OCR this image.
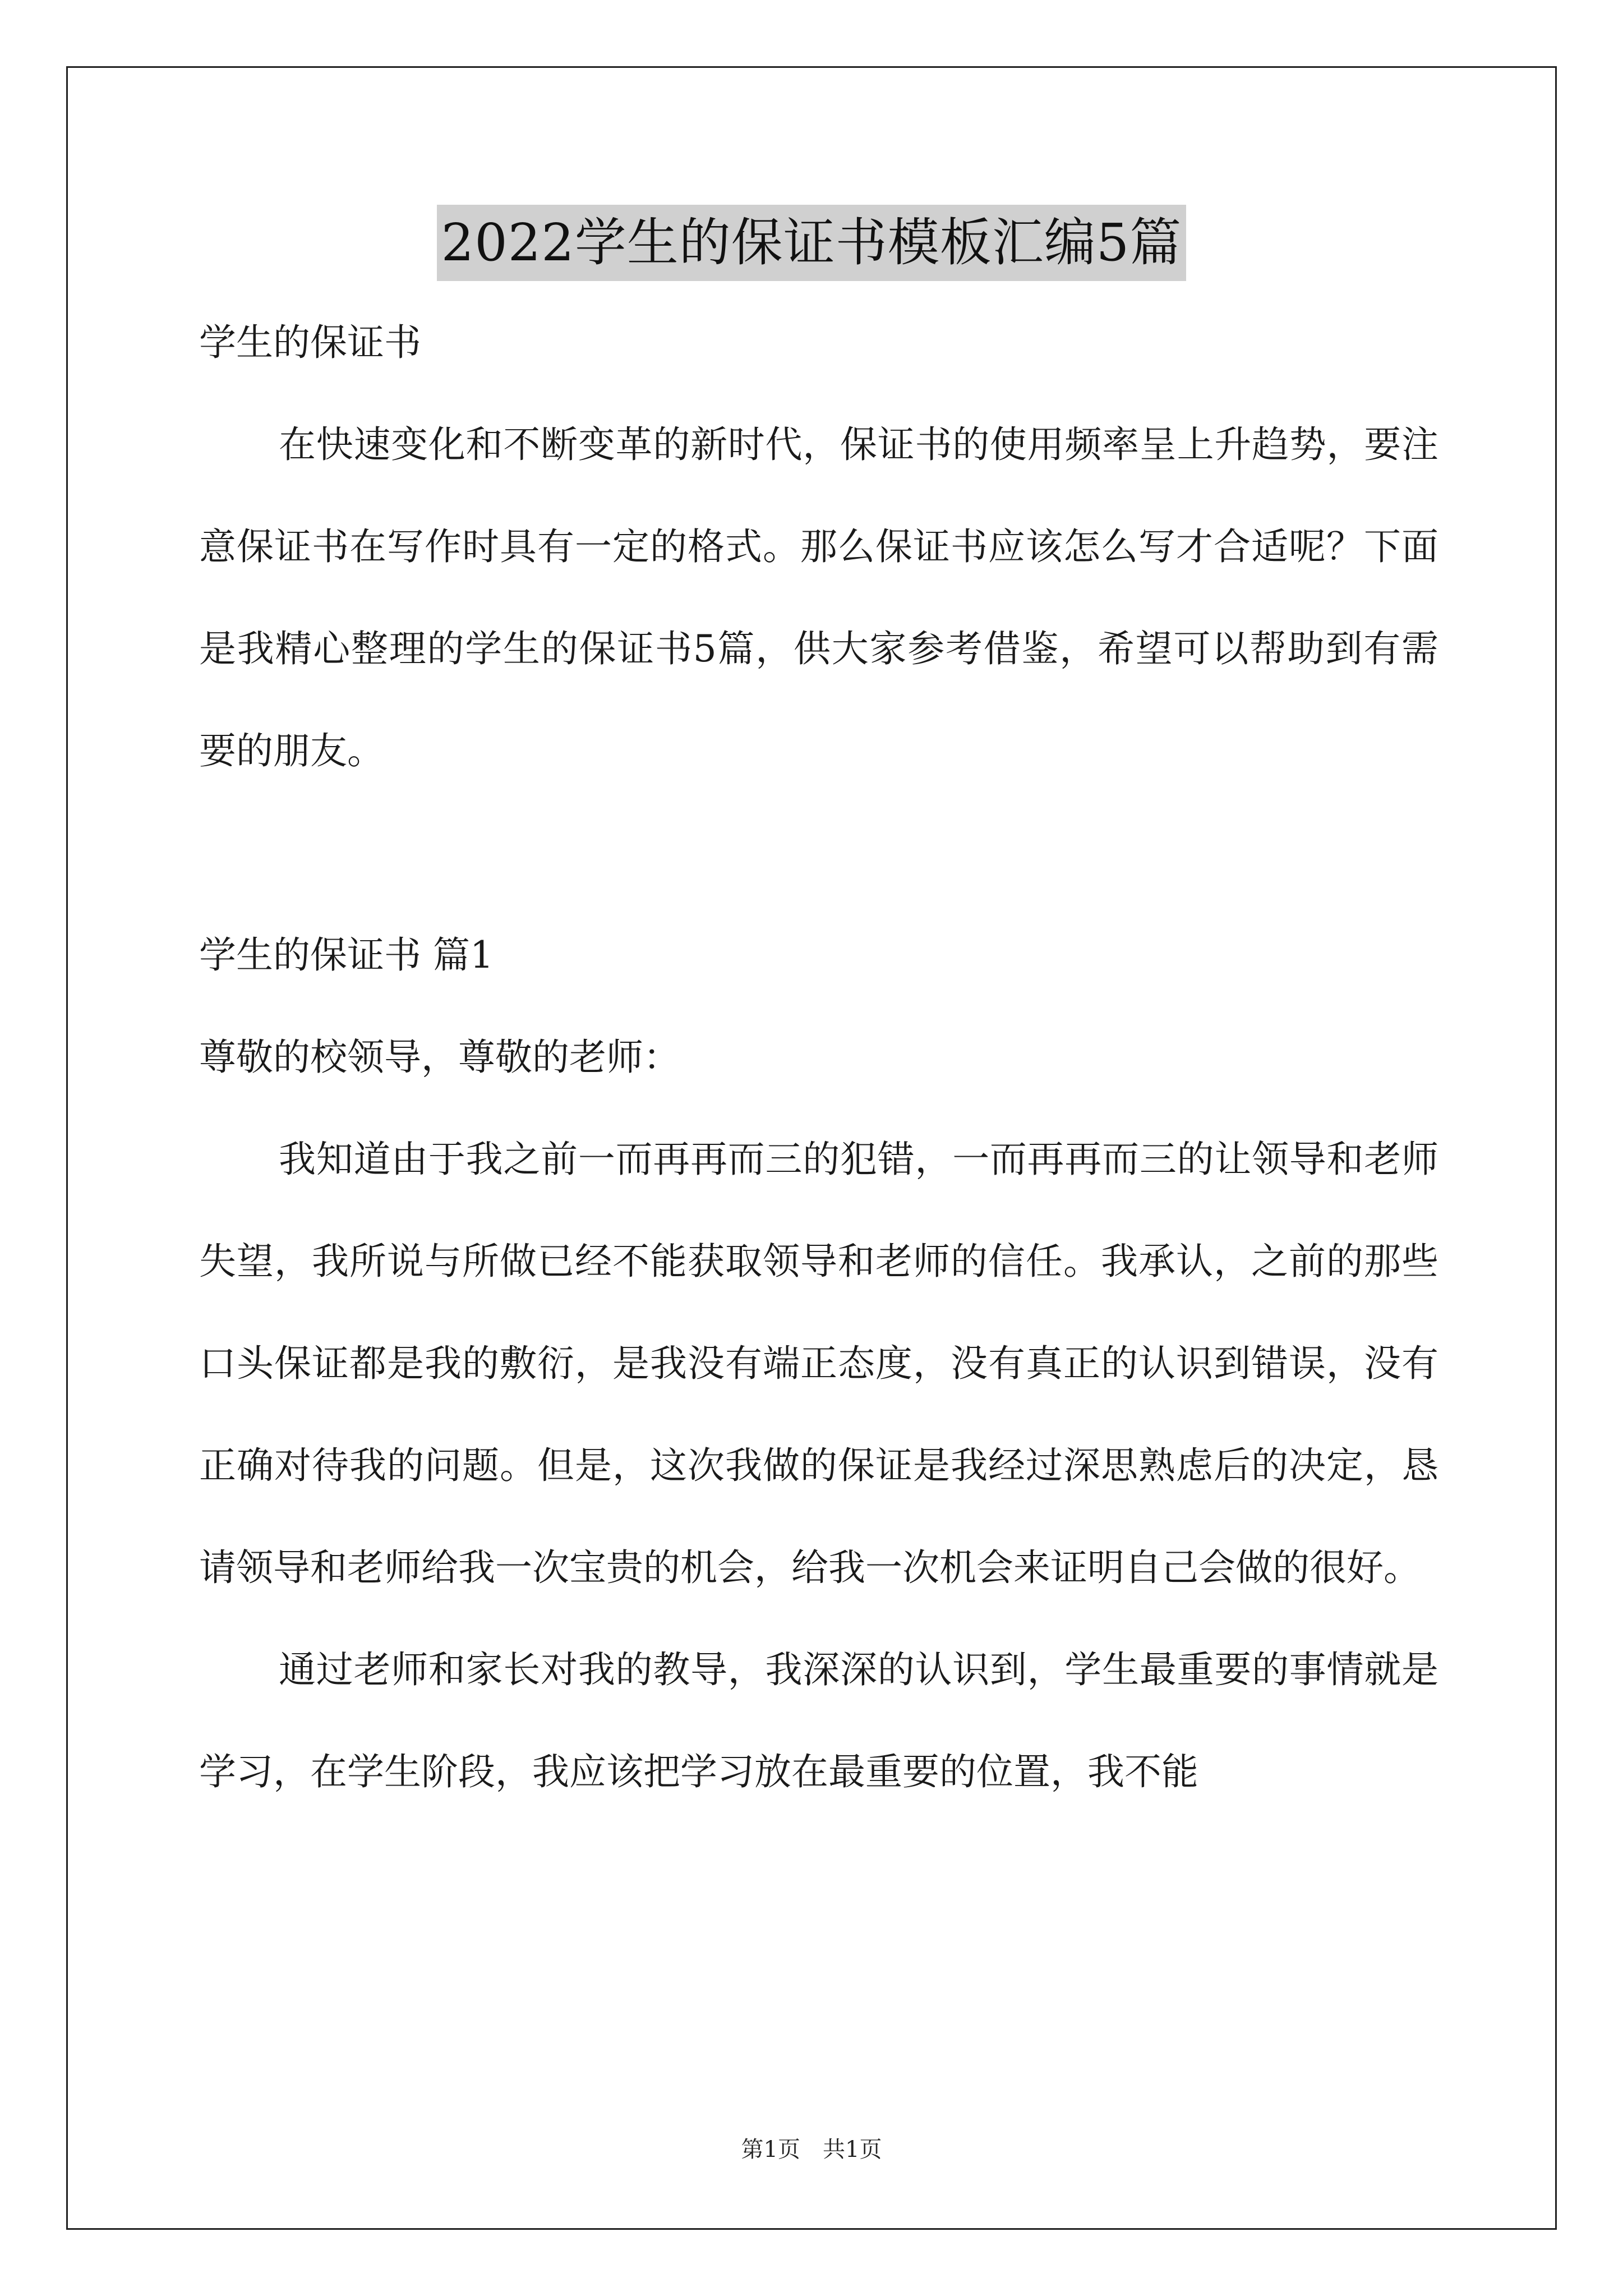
2022学生的保证书模板汇编5篇
学生的保证书

在快速变化和不断变革的新时代，保证书的使用频率呈上升趋势，要注意保证书在写作时具有一定的格式。那么保证书应该怎么写才合适呢？下面是我精心整理的学生的保证书5篇，供大家参考借鉴，希望可以帮助到有需要的朋友。

学生的保证书 篇1
尊敬的校领导，尊敬的老师：

我知道由于我之前一而再再而三的犯错，一而再再而三的让领导和老师失望，我所说与所做已经不能获取领导和老师的信任。我承认，之前的那些口头保证都是我的敷衍，是我没有端正态度，没有真正的认识到错误，没有正确对待我的问题。但是，这次我做的保证是我经过深思熟虑后的决定，恳请领导和老师给我一次宝贵的机会，给我一次机会来证明自己会做的很好。

通过老师和家长对我的教导，我深深的认识到，学生最重要的事情就是学习，在学生阶段，我应该把学习放在最重要的位置，我不能

第1页　共1页
